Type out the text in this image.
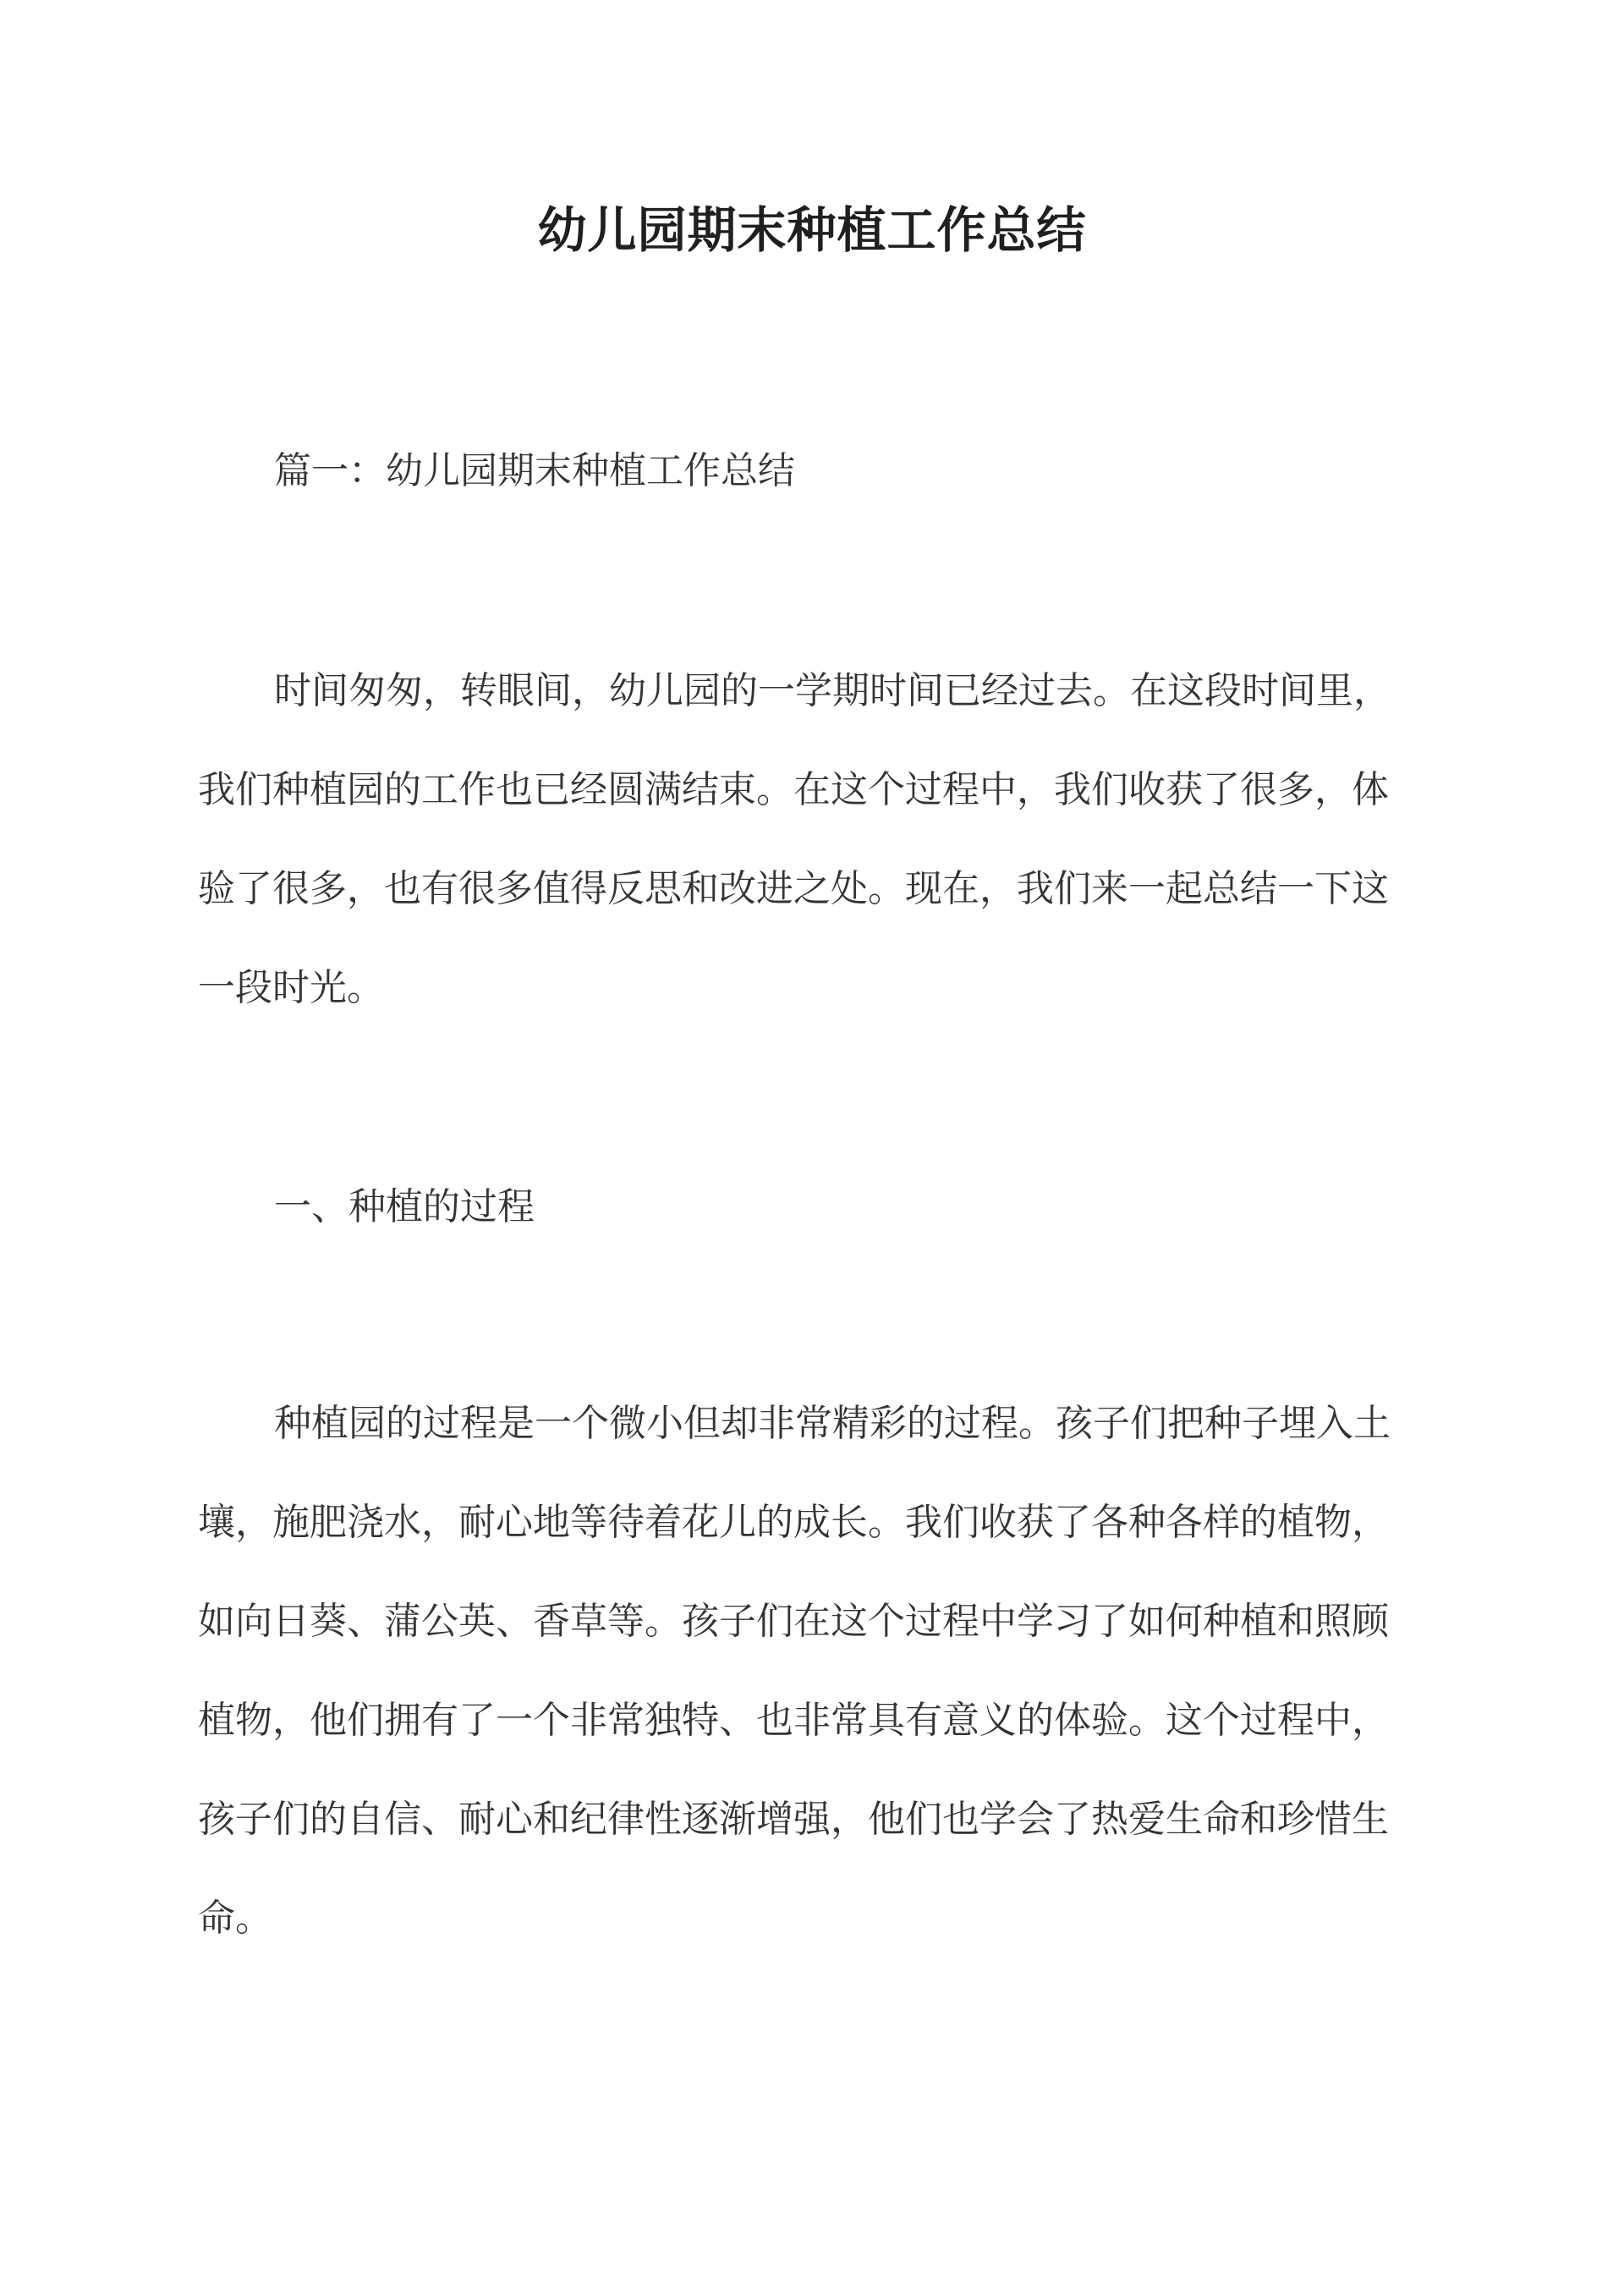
幼儿园期末种植工作总结

篇一：幼儿园期末种植工作总结

时间匆匆，转眼间，幼儿园的一学期时间已经过去。在这段时间里，
我们种植园的工作也已经圆满结束。在这个过程中，我们收获了很多，体
验了很多，也有很多值得反思和改进之处。现在，我们来一起总结一下这
一段时光。

一、种植的过程

种植园的过程是一个微小但却非常精彩的过程。孩子们把种子埋入土
壤，施肥浇水，耐心地等待着花儿的成长。我们收获了各种各样的植物，
如向日葵、蒲公英、香草等。孩子们在这个过程中学习了如何种植和照顾
植物，他们拥有了一个非常独特、也非常具有意义的体验。这个过程中，
孩子们的自信、耐心和纪律性逐渐增强，他们也学会了热爱生命和珍惜生
命。
